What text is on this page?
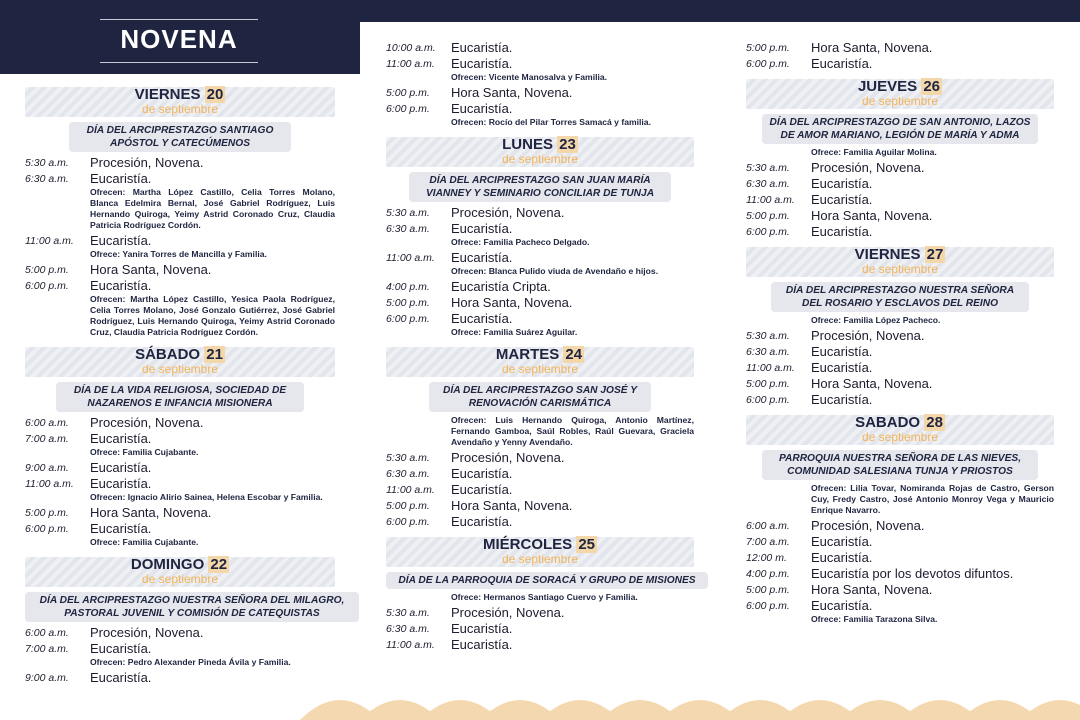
NOVENA
VIERNES 20
de septiembre
DÍA DEL ARCIPRESTAZGO SANTIAGO APÓSTOL Y CATECÚMENOS
5:30 a.m.	Procesión, Novena.
6:30 a.m.	Eucaristía.
Ofrecen: Martha López Castillo, Celia Torres Molano, Blanca Edelmira Bernal, José Gabriel Rodríguez, Luis Hernando Quiroga, Yeimy Astrid Coronado Cruz, Claudia Patricia Rodríguez Cordón.
11:00 a.m.	Eucaristía.
Ofrece: Yanira Torres de Mancilla y Familia.
5:00 p.m.	Hora Santa, Novena.
6:00 p.m.	Eucaristía.
Ofrecen: Martha López Castillo, Yesica Paola Rodríguez, Celia Torres Molano, José Gonzalo Gutiérrez, José Gabriel Rodríguez, Luis Hernando Quiroga, Yeimy Astrid Coronado Cruz, Claudia Patricia Rodríguez Cordón.
SÁBADO 21
de septiembre
DÍA DE LA VIDA RELIGIOSA, SOCIEDAD DE NAZARENOS E INFANCIA MISIONERA
6:00 a.m.	Procesión, Novena.
7:00 a.m.	Eucaristía.
Ofrece: Familia Cujabante.
9:00 a.m.	Eucaristía.
11:00 a.m.	Eucaristía.
Ofrecen: Ignacio Alirio Sainea, Helena Escobar y Familia.
5:00 p.m.	Hora Santa, Novena.
6:00 p.m.	Eucaristía.
Ofrece: Familia Cujabante.
DOMINGO 22
de septiembre
DÍA DEL ARCIPRESTAZGO NUESTRA SEÑORA DEL MILAGRO, PASTORAL JUVENIL Y COMISIÓN DE CATEQUISTAS
6:00 a.m.	Procesión, Novena.
7:00 a.m.	Eucaristía.
Ofrecen: Pedro Alexander Pineda Ávila y Familia.
9:00 a.m.	Eucaristía.
10:00 a.m.	Eucaristía.
11:00 a.m.	Eucaristía.
Ofrecen: Vicente Manosalva y Familia.
5:00 p.m.	Hora Santa, Novena.
6:00 p.m.	Eucaristía.
Ofrecen: Rocío del Pilar Torres Samacá y familia.
LUNES 23
de septiembre
DÍA DEL ARCIPRESTAZGO SAN JUAN MARÍA VIANNEY Y SEMINARIO CONCILIAR DE TUNJA
5:30 a.m.	Procesión, Novena.
6:30 a.m.	Eucaristía.
Ofrece: Familia Pacheco Delgado.
11:00 a.m.	Eucaristía.
Ofrecen: Blanca Pulido viuda de Avendaño e hijos.
4:00 p.m.	Eucaristía Cripta.
5:00 p.m.	Hora Santa, Novena.
6:00 p.m.	Eucaristía.
Ofrece: Familia Suárez Aguilar.
MARTES 24
de septiembre
DÍA DEL ARCIPRESTAZGO SAN JOSÉ Y RENOVACIÓN CARISMÁTICA
Ofrecen: Luis Hernando Quiroga, Antonio Martínez, Fernando Gamboa, Saúl Robles, Raúl Guevara, Graciela Avendaño y Yenny Avendaño.
5:30 a.m.	Procesión, Novena.
6:30 a.m.	Eucaristía.
11:00 a.m.	Eucaristía.
5:00 p.m.	Hora Santa, Novena.
6:00 p.m.	Eucaristía.
MIÉRCOLES 25
de septiembre
DÍA DE LA PARROQUIA DE SORACÁ Y GRUPO DE MISIONES
Ofrece: Hermanos Santiago Cuervo y Familia.
5:30 a.m.	Procesión, Novena.
6:30 a.m.	Eucaristía.
11:00 a.m.	Eucaristía.
5:00 p.m.	Hora Santa, Novena.
6:00 p.m.	Eucaristía.
JUEVES 26
de septiembre
DÍA DEL ARCIPRESTAZGO DE SAN ANTONIO, LAZOS DE AMOR MARIANO, LEGIÓN DE MARÍA Y ADMA
Ofrece: Familia Aguilar Molina.
5:30 a.m.	Procesión, Novena.
6:30 a.m.	Eucaristía.
11:00 a.m.	Eucaristía.
5:00 p.m.	Hora Santa, Novena.
6:00 p.m.	Eucaristía.
VIERNES 27
de septiembre
DÍA DEL ARCIPRESTAZGO NUESTRA SEÑORA DEL ROSARIO Y ESCLAVOS DEL REINO
Ofrece: Familia López Pacheco.
5:30 a.m.	Procesión, Novena.
6:30 a.m.	Eucaristía.
11:00 a.m.	Eucaristía.
5:00 p.m.	Hora Santa, Novena.
6:00 p.m.	Eucaristía.
SABADO 28
de septiembre
PARROQUIA NUESTRA SEÑORA DE LAS NIEVES, COMUNIDAD SALESIANA TUNJA Y PRIOSTOS
Ofrecen: Lilia Tovar, Nomiranda Rojas de Castro, Gerson Cuy, Fredy Castro, José Antonio Monroy Vega y Mauricio Enrique Navarro.
6:00 a.m.	Procesión, Novena.
7:00 a.m.	Eucaristía.
12:00 m.	Eucaristía.
4:00 p.m.	Eucaristía por los devotos difuntos.
5:00 p.m.	Hora Santa, Novena.
6:00 p.m.	Eucaristía.
Ofrece: Familia Tarazona Silva.
